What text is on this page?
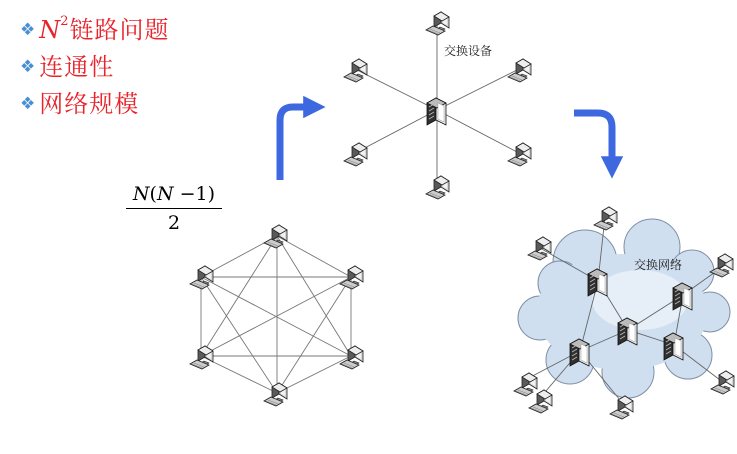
❖ N 2 链路问题
❖ 连通性
❖ 网络规模
$\frac{N(N -1)}{2}$
交换设备
交换网络
